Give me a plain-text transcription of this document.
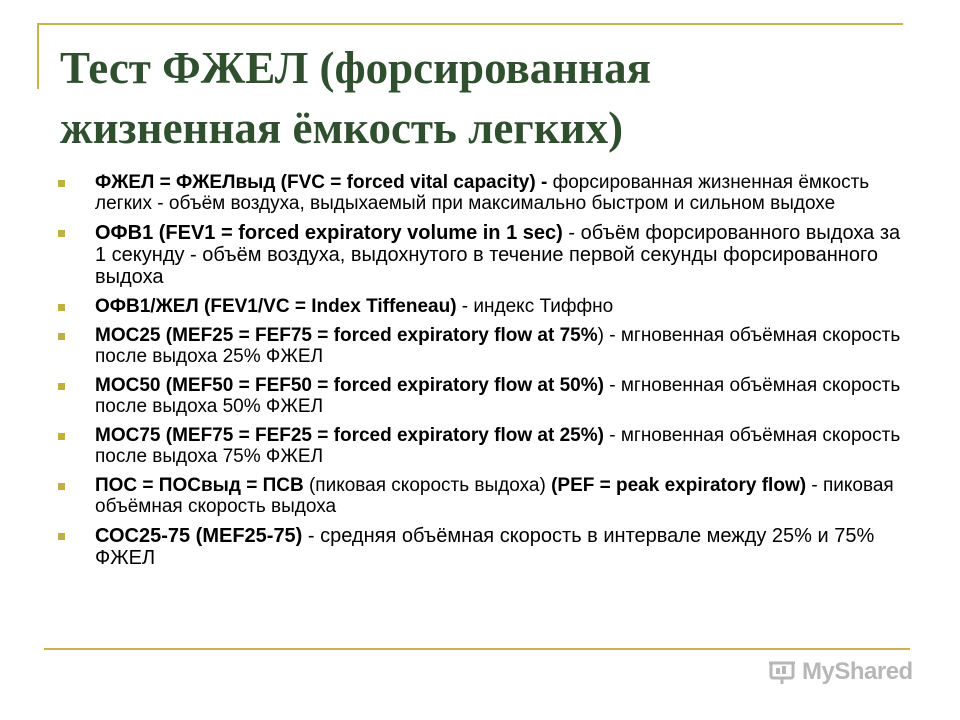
Тест ФЖЕЛ (форсированная
жизненная ёмкость легких)
ФЖЕЛ = ФЖЕЛвыд (FVC = forced vital capacity) - форсированная жизненная ёмкость легких - объём воздуха, выдыхаемый при максимально быстром и сильном выдохе
ОФВ1 (FEV1 = forced expiratory volume in 1 sec) - объём форсированного выдоха за 1 секунду - объём воздуха, выдохнутого в течение первой секунды форсированного выдоха
ОФВ1/ЖЕЛ (FEV1/VC = Index Tiffeneau) - индекс Тиффно
МОС25 (MEF25 = FEF75 = forced expiratory flow at 75%) - мгновенная объёмная скорость после выдоха 25% ФЖЕЛ
МОС50 (MEF50 = FEF50 = forced expiratory flow at 50%) - мгновенная объёмная скорость после выдоха 50% ФЖЕЛ
МОС75 (MEF75 = FEF25 = forced expiratory flow at 25%) - мгновенная объёмная скорость после выдоха 75% ФЖЕЛ
ПОС = ПОСвыд = ПСВ (пиковая скорость выдоха) (PEF = peak expiratory flow) - пиковая объёмная скорость выдоха
СОС25-75 (MEF25-75) - средняя объёмная скорость в интервале между 25% и 75% ФЖЕЛ
MyShared
